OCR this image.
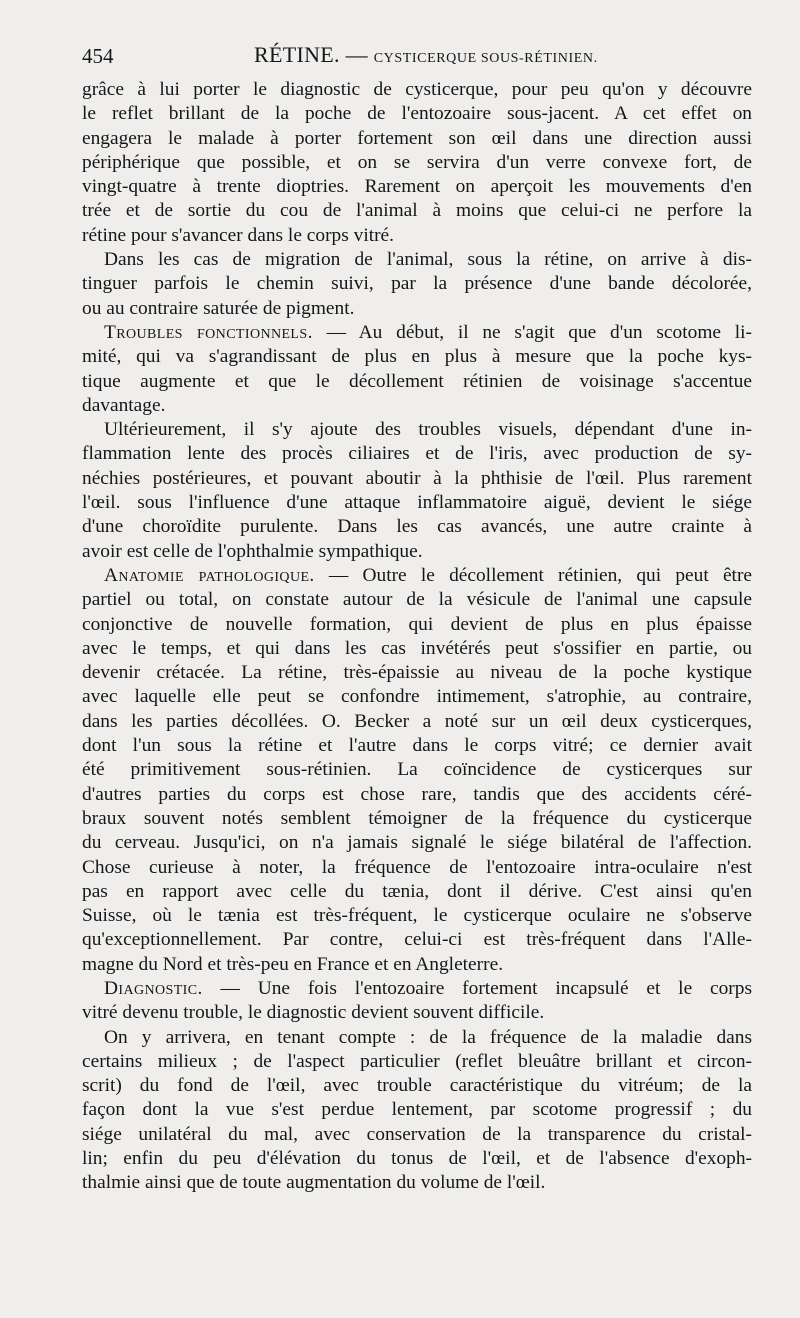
454	RÉTINE. — CYSTICERQUE SOUS-RÉTINIEN.
grâce à lui porter le diagnostic de cysticerque, pour peu qu'on y découvre
le reflet brillant de la poche de l'entozoaire sous-jacent. A cet effet on
engagera le malade à porter fortement son œil dans une direction aussi
périphérique que possible, et on se servira d'un verre convexe fort, de
vingt-quatre à trente dioptries. Rarement on aperçoit les mouvements d'en
trée et de sortie du cou de l'animal à moins que celui-ci ne perfore la
rétine pour s'avancer dans le corps vitré.
Dans les cas de migration de l'animal, sous la rétine, on arrive à dis-
tinguer parfois le chemin suivi, par la présence d'une bande décolorée,
ou au contraire saturée de pigment.
Troubles fonctionnels. — Au début, il ne s'agit que d'un scotome li-
mité, qui va s'agrandissant de plus en plus à mesure que la poche kys-
tique augmente et que le décollement rétinien de voisinage s'accentue
davantage.
Ultérieurement, il s'y ajoute des troubles visuels, dépendant d'une in-
flammation lente des procès ciliaires et de l'iris, avec production de sy-
néchies postérieures, et pouvant aboutir à la phthisie de l'œil. Plus rarement
l'œil. sous l'influence d'une attaque inflammatoire aiguë, devient le siége
d'une choroïdite purulente. Dans les cas avancés, une autre crainte à
avoir est celle de l'ophthalmie sympathique.
Anatomie pathologique. — Outre le décollement rétinien, qui peut être
partiel ou total, on constate autour de la vésicule de l'animal une capsule
conjonctive de nouvelle formation, qui devient de plus en plus épaisse
avec le temps, et qui dans les cas invétérés peut s'ossifier en partie, ou
devenir crétacée. La rétine, très-épaissie au niveau de la poche kystique
avec laquelle elle peut se confondre intimement, s'atrophie, au contraire,
dans les parties décollées. O. Becker a noté sur un œil deux cysticerques,
dont l'un sous la rétine et l'autre dans le corps vitré; ce dernier avait
été primitivement sous-rétinien. La coïncidence de cysticerques sur
d'autres parties du corps est chose rare, tandis que des accidents céré-
braux souvent notés semblent témoigner de la fréquence du cysticerque
du cerveau. Jusqu'ici, on n'a jamais signalé le siége bilatéral de l'affection.
Chose curieuse à noter, la fréquence de l'entozoaire intra-oculaire n'est
pas en rapport avec celle du tænia, dont il dérive. C'est ainsi qu'en
Suisse, où le tænia est très-fréquent, le cysticerque oculaire ne s'observe
qu'exceptionnellement. Par contre, celui-ci est très-fréquent dans l'Alle-
magne du Nord et très-peu en France et en Angleterre.
Diagnostic. — Une fois l'entozoaire fortement incapsulé et le corps
vitré devenu trouble, le diagnostic devient souvent difficile.
On y arrivera, en tenant compte : de la fréquence de la maladie dans
certains milieux ; de l'aspect particulier (reflet bleuâtre brillant et circon-
scrit) du fond de l'œil, avec trouble caractéristique du vitréum; de la
façon dont la vue s'est perdue lentement, par scotome progressif ; du
siége unilatéral du mal, avec conservation de la transparence du cristal-
lin; enfin du peu d'élévation du tonus de l'œil, et de l'absence d'exoph-
thalmie ainsi que de toute augmentation du volume de l'œil.
